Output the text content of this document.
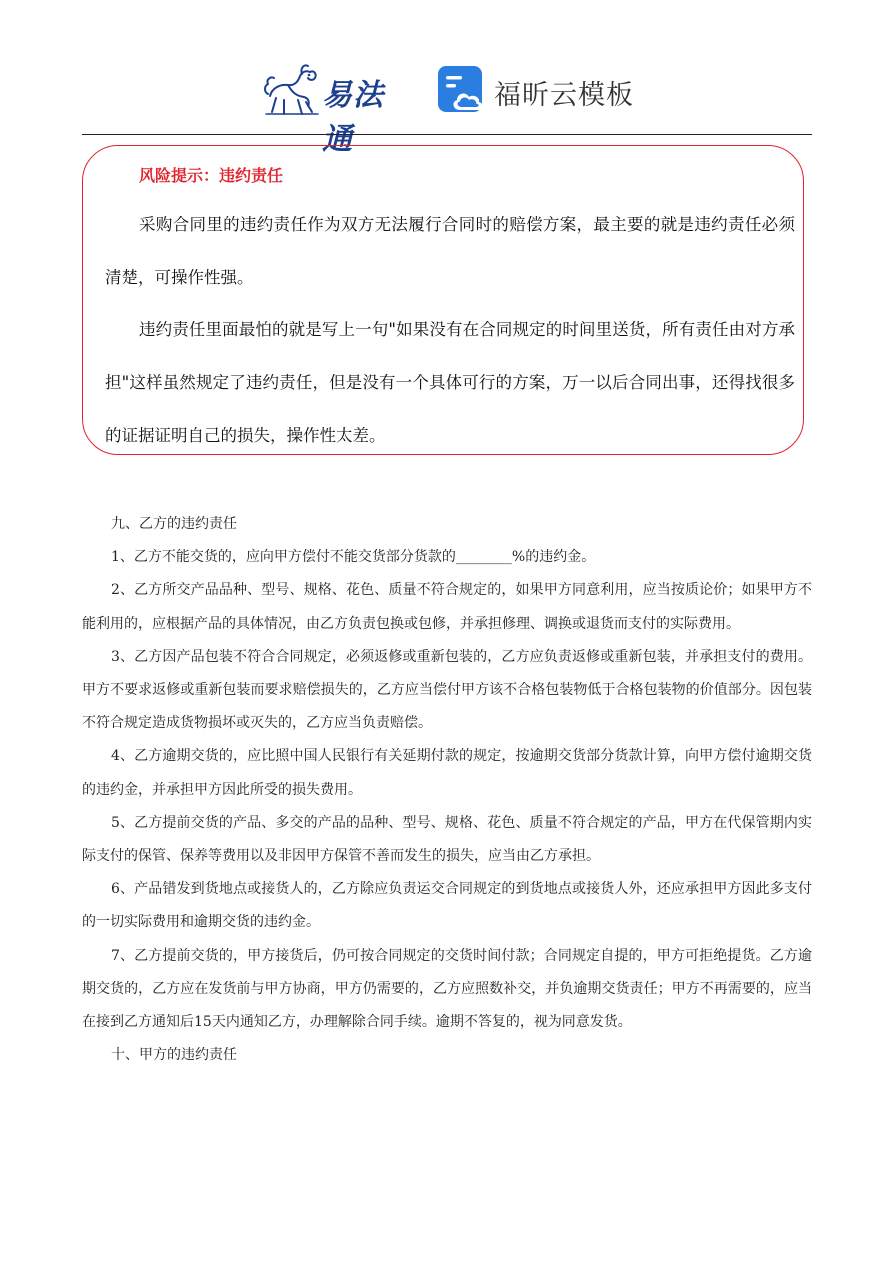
易法通
福昕云模板
风险提示：违约责任

采购合同里的违约责任作为双方无法履行合同时的赔偿方案，最主要的就是违约责任必须清楚，可操作性强。

违约责任里面最怕的就是写上一句"如果没有在合同规定的时间里送货，所有责任由对方承担"这样虽然规定了违约责任，但是没有一个具体可行的方案，万一以后合同出事，还得找很多的证据证明自己的损失，操作性太差。

九、乙方的违约责任

1、乙方不能交货的，应向甲方偿付不能交货部分货款的________%的违约金。

2、乙方所交产品品种、型号、规格、花色、质量不符合规定的，如果甲方同意利用，应当按质论价；如果甲方不能利用的，应根据产品的具体情况，由乙方负责包换或包修，并承担修理、调换或退货而支付的实际费用。

3、乙方因产品包装不符合合同规定，必须返修或重新包装的，乙方应负责返修或重新包装，并承担支付的费用。甲方不要求返修或重新包装而要求赔偿损失的，乙方应当偿付甲方该不合格包装物低于合格包装物的价值部分。因包装不符合规定造成货物损坏或灭失的，乙方应当负责赔偿。

4、乙方逾期交货的，应比照中国人民银行有关延期付款的规定，按逾期交货部分货款计算，向甲方偿付逾期交货的违约金，并承担甲方因此所受的损失费用。

5、乙方提前交货的产品、多交的产品的品种、型号、规格、花色、质量不符合规定的产品，甲方在代保管期内实际支付的保管、保养等费用以及非因甲方保管不善而发生的损失，应当由乙方承担。

6、产品错发到货地点或接货人的，乙方除应负责运交合同规定的到货地点或接货人外，还应承担甲方因此多支付的一切实际费用和逾期交货的违约金。

7、乙方提前交货的，甲方接货后，仍可按合同规定的交货时间付款；合同规定自提的，甲方可拒绝提货。乙方逾期交货的，乙方应在发货前与甲方协商，甲方仍需要的，乙方应照数补交，并负逾期交货责任；甲方不再需要的，应当在接到乙方通知后15天内通知乙方，办理解除合同手续。逾期不答复的，视为同意发货。

十、甲方的违约责任
